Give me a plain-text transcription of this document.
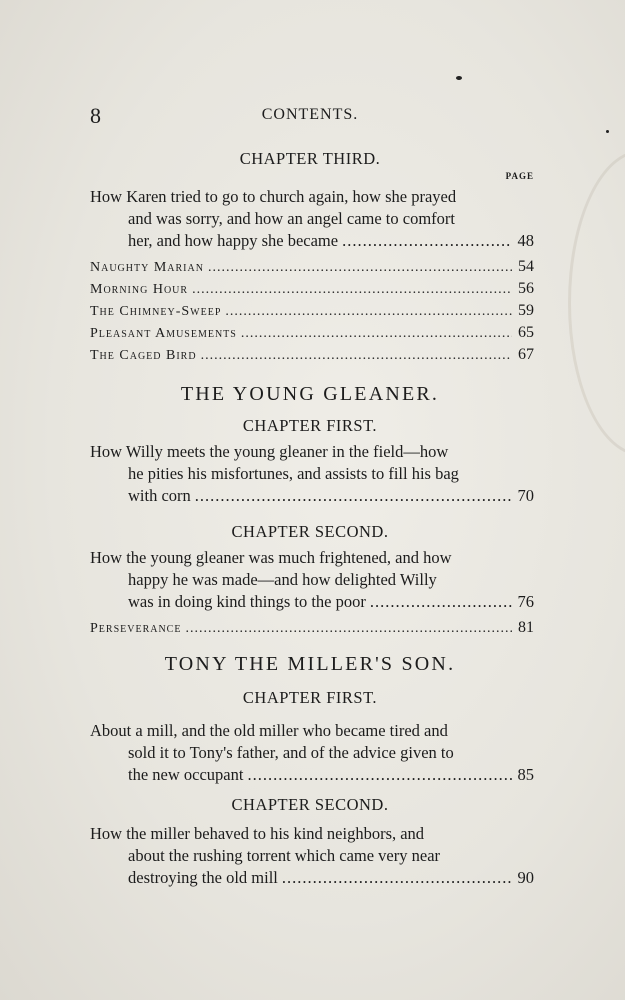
8	CONTENTS.
CHAPTER THIRD.
PAGE
How Karen tried to go to church again, how she prayed
and was sorry, and how an angel came to comfort
her, and how happy she became .....	48
Naughty Marian .....	54
Morning Hour .....	56
The Chimney-Sweep .....	59
Pleasant Amusements .....	65
The Caged Bird .....	67
THE YOUNG GLEANER.
CHAPTER FIRST.
How Willy meets the young gleaner in the field—how
he pities his misfortunes, and assists to fill his bag
with corn .....	70
CHAPTER SECOND.
How the young gleaner was much frightened, and how
happy he was made—and how delighted Willy
was in doing kind things to the poor .....	76
Perseverance .....	81
TONY THE MILLER'S SON.
CHAPTER FIRST.
About a mill, and the old miller who became tired and
sold it to Tony's father, and of the advice given to
the new occupant .....	85
CHAPTER SECOND.
How the miller behaved to his kind neighbors, and
about the rushing torrent which came very near
destroying the old mill .....	90
